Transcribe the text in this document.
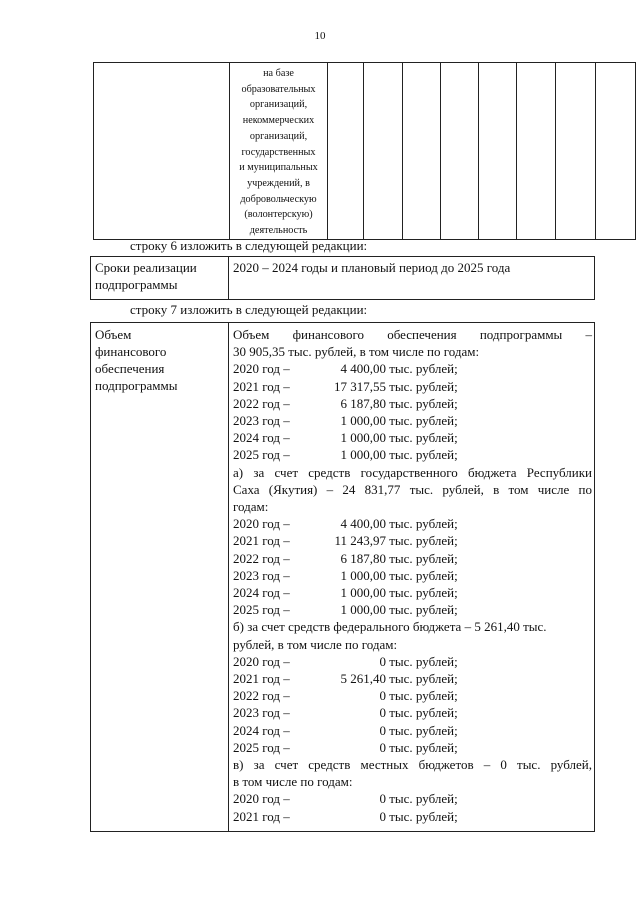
10

на базе
образовательных
организаций,
некоммерческих
организаций,
государственных
и муниципальных
учреждений, в
добровольческую
(волонтерскую)
деятельность

строку 6 изложить в следующей редакции:
Сроки реализации
подпрограммы

2020 – 2024 годы и плановый период до 2025 года
строку 7 изложить в следующей редакции:
Объем
финансового
обеспечения
подпрограммы

Объем финансового обеспечения подпрограммы –
30 905,35 тыс. рублей, в том числе по годам:
2020 год –	4 400,00 тыс. рублей;
2021 год –	17 317,55 тыс. рублей;
2022 год –	6 187,80 тыс. рублей;
2023 год –	1 000,00 тыс. рублей;
2024 год –	1 000,00 тыс. рублей;
2025 год –	1 000,00 тыс. рублей;
а) за счет средств государственного бюджета Республики
Саха (Якутия) – 24 831,77 тыс. рублей, в том числе по
годам:
2020 год –	4 400,00 тыс. рублей;
2021 год –	11 243,97 тыс. рублей;
2022 год –	6 187,80 тыс. рублей;
2023 год –	1 000,00 тыс. рублей;
2024 год –	1 000,00 тыс. рублей;
2025 год –	1 000,00 тыс. рублей;
б) за счет средств федерального бюджета – 5 261,40 тыс.
рублей, в том числе по годам:
2020 год –	0 тыс. рублей;
2021 год –	5 261,40 тыс. рублей;
2022 год –	0 тыс. рублей;
2023 год –	0 тыс. рублей;
2024 год –	0 тыс. рублей;
2025 год –	0 тыс. рублей;
в) за счет средств местных бюджетов – 0 тыс. рублей,
в том числе по годам:
2020 год –	0 тыс. рублей;
2021 год –	0 тыс. рублей;
